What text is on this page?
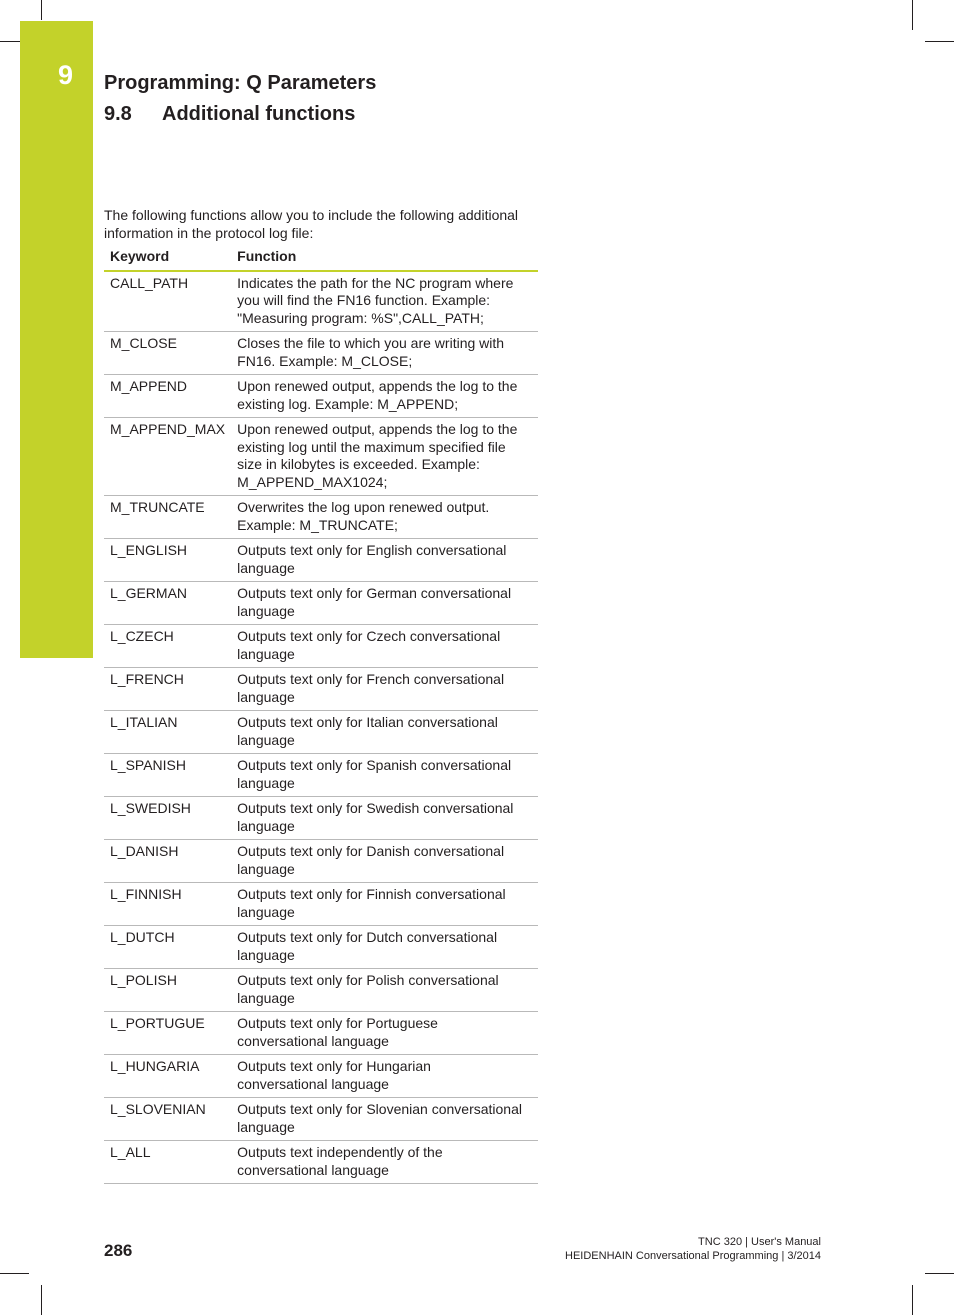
9	Programming: Q Parameters
9.8 Additional functions
The following functions allow you to include the following additional information in the protocol log file:
Keyword	Function
CALL_PATH	Indicates the path for the NC program where you will find the FN16 function. Example: "Measuring program: %S",CALL_PATH;
M_CLOSE	Closes the file to which you are writing with FN16. Example: M_CLOSE;
M_APPEND	Upon renewed output, appends the log to the existing log. Example: M_APPEND;
M_APPEND_MAX	Upon renewed output, appends the log to the existing log until the maximum specified file size in kilobytes is exceeded. Example: M_APPEND_MAX1024;
M_TRUNCATE	Overwrites the log upon renewed output. Example: M_TRUNCATE;
L_ENGLISH	Outputs text only for English conversational language
L_GERMAN	Outputs text only for German conversational language
L_CZECH	Outputs text only for Czech conversational language
L_FRENCH	Outputs text only for French conversational language
L_ITALIAN	Outputs text only for Italian conversational language
L_SPANISH	Outputs text only for Spanish conversational language
L_SWEDISH	Outputs text only for Swedish conversational language
L_DANISH	Outputs text only for Danish conversational language
L_FINNISH	Outputs text only for Finnish conversational language
L_DUTCH	Outputs text only for Dutch conversational language
L_POLISH	Outputs text only for Polish conversational language
L_PORTUGUE	Outputs text only for Portuguese conversational language
L_HUNGARIA	Outputs text only for Hungarian conversational language
L_SLOVENIAN	Outputs text only for Slovenian conversational language
L_ALL	Outputs text independently of the conversational language
286	TNC 320 | User's Manual
HEIDENHAIN Conversational Programming | 3/2014
